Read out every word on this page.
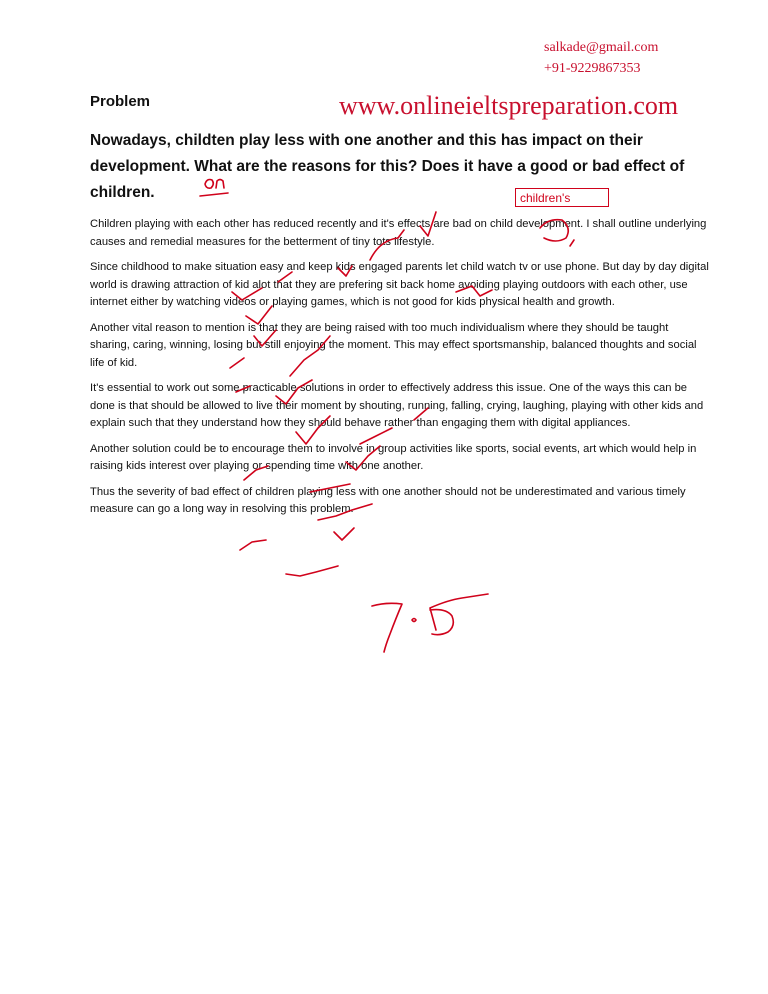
salkade@gmail.com
+91-9229867353
www.onlineieltspreparation.com
Problem
Nowadays, childten play less with one another and this has impact on their development. What are the reasons for this? Does it have a good or bad effect of children.	children's

Children playing with each other has reduced recently and it's effects are bad on child development. I shall outline underlying causes and remedial measures for the betterment of tiny tots lifestyle.

Since childhood to make situation easy and keep kids engaged parents let child watch tv or use phone. But day by day digital world is drawing attraction of kid alot that they are prefering sit back home avoiding playing outdoors with each other, use internet either by watching videos or playing games, which is not good for kids physical health and growth.

Another vital reason to mention is that they are being raised with too much individualism where they should be taught sharing, caring, winning, losing but still enjoying the moment. This may effect sportsmanship, balanced thoughts and social life of kid.

It's essential to work out some practicable solutions in order to effectively address this issue. One of the ways this can be done is that should be allowed to live their moment by shouting, running, falling, crying, laughing, playing with other kids and explain such that they understand how they should behave rather than engaging them with digital appliances.

Another solution could be to encourage them to involve in group activities like sports, social events, art which would help in raising kids interest over playing or spending time with one another.

Thus the severity of bad effect of children playing less with one another should not be underestimated and various timely measure can go a long way in resolving this problem.
